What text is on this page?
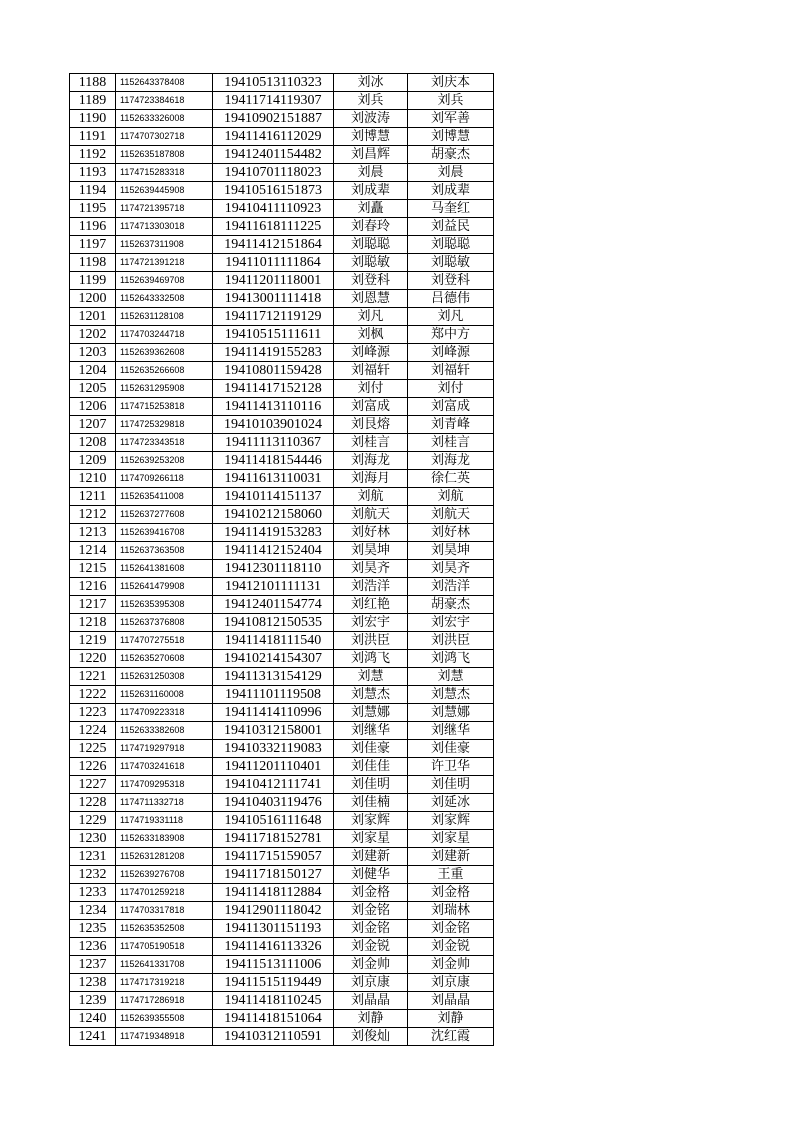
1188	1152643378408	19410513110323	刘冰	刘庆本
1189	1174723384618	19411714119307	刘兵	刘兵
1190	1152633326008	19410902151887	刘波涛	刘军善
1191	1174707302718	19411416112029	刘博慧	刘博慧
1192	1152635187808	19412401154482	刘昌辉	胡豪杰
1193	1174715283318	19410701118023	刘晨	刘晨
1194	1152639445908	19410516151873	刘成辈	刘成辈
1195	1174721395718	19410411110923	刘矗	马奎红
1196	1174713303018	19411618111225	刘春玲	刘益民
1197	1152637311908	19411412151864	刘聪聪	刘聪聪
1198	1174721391218	19411011111864	刘聪敏	刘聪敏
1199	1152639469708	19411201118001	刘登科	刘登科
1200	1152643332508	19413001111418	刘恩慧	吕德伟
1201	1152631128108	19411712119129	刘凡	刘凡
1202	1174703244718	19410515111611	刘枫	郑中方
1203	1152639362608	19411419155283	刘峰源	刘峰源
1204	1152635266608	19410801159428	刘福轩	刘福轩
1205	1152631295908	19411417152128	刘付	刘付
1206	1174715253818	19411413110116	刘富成	刘富成
1207	1174725329818	19410103901024	刘艮熔	刘青峰
1208	1174723343518	19411113110367	刘桂言	刘桂言
1209	1152639253208	19411418154446	刘海龙	刘海龙
1210	1174709266118	19411613110031	刘海月	徐仁英
1211	1152635411008	19410114151137	刘航	刘航
1212	1152637277608	19410212158060	刘航天	刘航天
1213	1152639416708	19411419153283	刘好林	刘好林
1214	1152637363508	19411412152404	刘昊坤	刘昊坤
1215	1152641381608	19412301118110	刘昊齐	刘昊齐
1216	1152641479908	19412101111131	刘浩洋	刘浩洋
1217	1152635395308	19412401154774	刘红艳	胡豪杰
1218	1152637376808	19410812150535	刘宏宇	刘宏宇
1219	1174707275518	19411418111540	刘洪臣	刘洪臣
1220	1152635270608	19410214154307	刘鸿飞	刘鸿飞
1221	1152631250308	19411313154129	刘慧	刘慧
1222	1152631160008	19411101119508	刘慧杰	刘慧杰
1223	1174709223318	19411414110996	刘慧娜	刘慧娜
1224	1152633382608	19410312158001	刘继华	刘继华
1225	1174719297918	19410332119083	刘佳豪	刘佳豪
1226	1174703241618	19411201110401	刘佳佳	许卫华
1227	1174709295318	19410412111741	刘佳明	刘佳明
1228	1174711332718	19410403119476	刘佳楠	刘延冰
1229	1174719331118	19410516111648	刘家辉	刘家辉
1230	1152633183908	19411718152781	刘家星	刘家星
1231	1152631281208	19411715159057	刘建新	刘建新
1232	1152639276708	19411718150127	刘健华	王重
1233	1174701259218	19411418112884	刘金格	刘金格
1234	1174703317818	19412901118042	刘金铭	刘瑞林
1235	1152635352508	19411301151193	刘金铭	刘金铭
1236	1174705190518	19411416113326	刘金锐	刘金锐
1237	1152641331708	19411513111006	刘金帅	刘金帅
1238	1174717319218	19411515119449	刘京康	刘京康
1239	1174717286918	19411418110245	刘晶晶	刘晶晶
1240	1152639355508	19411418151064	刘静	刘静
1241	1174719348918	19410312110591	刘俊灿	沈红霞
